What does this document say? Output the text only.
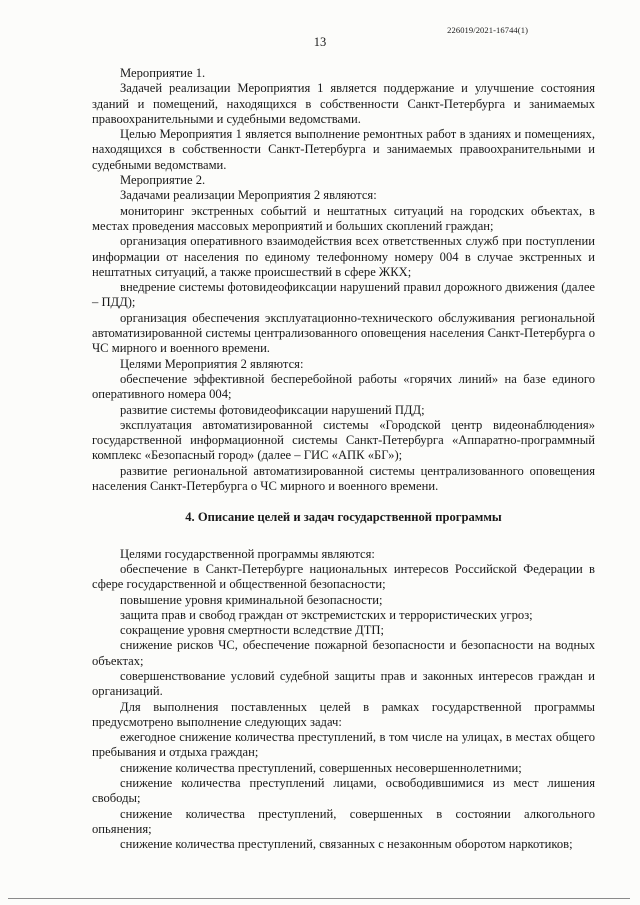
226019/2021-16744(1)
13

Мероприятие 1.

Задачей реализации Мероприятия 1 является поддержание и улучшение состояния зданий и помещений, находящихся в собственности Санкт-Петербурга и занимаемых правоохранительными и судебными ведомствами.

Целью Мероприятия 1 является выполнение ремонтных работ в зданиях и помещениях, находящихся в собственности Санкт-Петербурга и занимаемых правоохранительными и судебными ведомствами.

Мероприятие 2.

Задачами реализации Мероприятия 2 являются:

мониторинг экстренных событий и нештатных ситуаций на городских объектах, в местах проведения массовых мероприятий и больших скоплений граждан;

организация оперативного взаимодействия всех ответственных служб при поступлении информации от населения по единому телефонному номеру 004 в случае экстренных и нештатных ситуаций, а также происшествий в сфере ЖКХ;

внедрение системы фотовидеофиксации нарушений правил дорожного движения (далее – ПДД);

организация обеспечения эксплуатационно-технического обслуживания региональной автоматизированной системы централизованного оповещения населения Санкт-Петербурга о ЧС мирного и военного времени.

Целями Мероприятия 2 являются:

обеспечение эффективной бесперебойной работы «горячих линий» на базе единого оперативного номера 004;

развитие системы фотовидеофиксации нарушений ПДД;

эксплуатация автоматизированной системы «Городской центр видеонаблюдения» государственной информационной системы Санкт-Петербурга «Аппаратно-программный комплекс «Безопасный город» (далее – ГИС «АПК «БГ»);

развитие региональной автоматизированной системы централизованного оповещения населения Санкт-Петербурга о ЧС мирного и военного времени.

4. Описание целей и задач государственной программы

Целями государственной программы являются:

обеспечение в Санкт-Петербурге национальных интересов Российской Федерации в сфере государственной и общественной безопасности;

повышение уровня криминальной безопасности;

защита прав и свобод граждан от экстремистских и террористических угроз;

сокращение уровня смертности вследствие ДТП;

снижение рисков ЧС, обеспечение пожарной безопасности и безопасности на водных объектах;

совершенствование условий судебной защиты прав и законных интересов граждан и организаций.

Для выполнения поставленных целей в рамках государственной программы предусмотрено выполнение следующих задач:

ежегодное снижение количества преступлений, в том числе на улицах, в местах общего пребывания и отдыха граждан;

снижение количества преступлений, совершенных несовершеннолетними;

снижение количества преступлений лицами, освободившимися из мест лишения свободы;

снижение количества преступлений, совершенных в состоянии алкогольного опьянения;

снижение количества преступлений, связанных с незаконным оборотом наркотиков;
